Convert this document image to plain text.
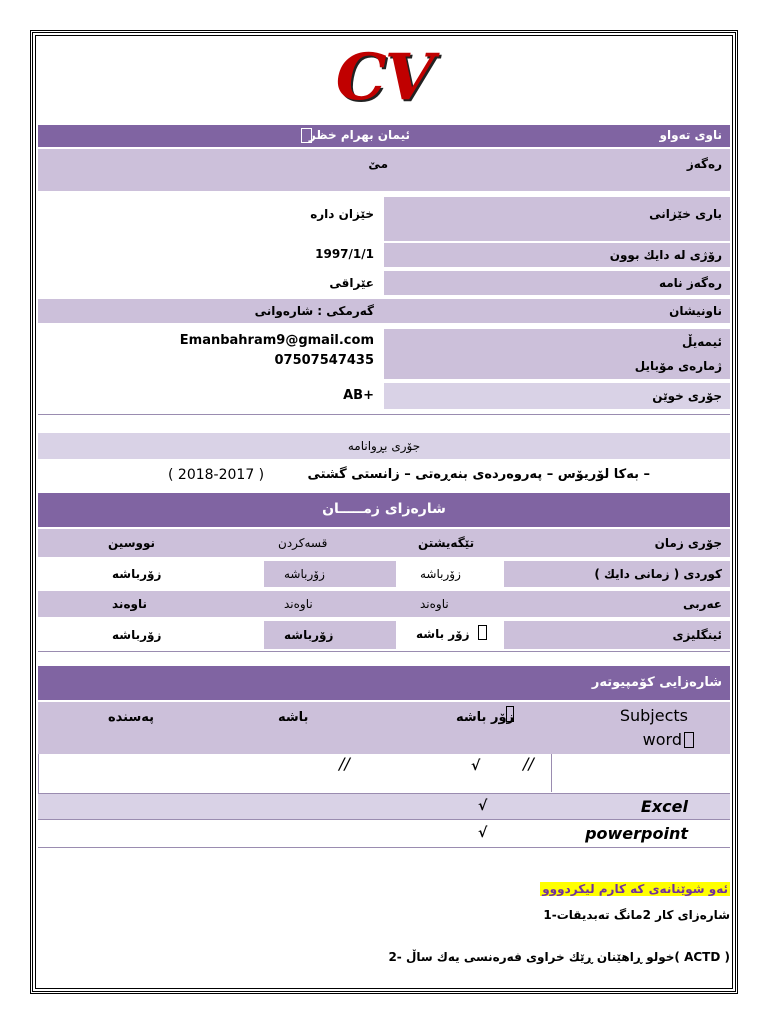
CV
ناوی تەواو
ئیمان بهرام خظر
رەگەز
مێ
باری خێزانی
خێزان دارە
رۆژی لە دایك بوون
1997/1/1
رەگەز نامە
عێراقی
ناونیشان
گەرمکی : شارەوانی
ئیمەیڵ
ژمارەی مۆبایل
Emanbahram9@gmail.com
07507547435
جۆری خوێن
AB+
جۆری بڕوانامە
بەکا لۆریۆس – پەروەردەی بنەڕەتی – زانستی گشتی –
( 2018-2017 )
شارەزای زمـــــان
جۆری زمان
تێگەیشتن
قسەکردن
نووسین
کوردی ( زمانی دایك )
زۆرباشە
زۆرباشە
زۆرباشە
عەربی
ناوەند
ناوەند
ناوەند
ئینگلیزی
زۆر باشە
زۆرباشە
زۆرباشە
شارەزایی کۆمپیوتەر
Subjects
word
زۆر باشە
باشە
پەسندە
//	//
√
Excel
√
powerpoint
√
ئەو شوێنانەی کە کارم لیکردووو
1-شارەزای کار 2مانگ تەبدیقات
2- خولو ڕاهێنان ڕێك خراوی فەرەنسی یەك ساڵ( ACTD )
